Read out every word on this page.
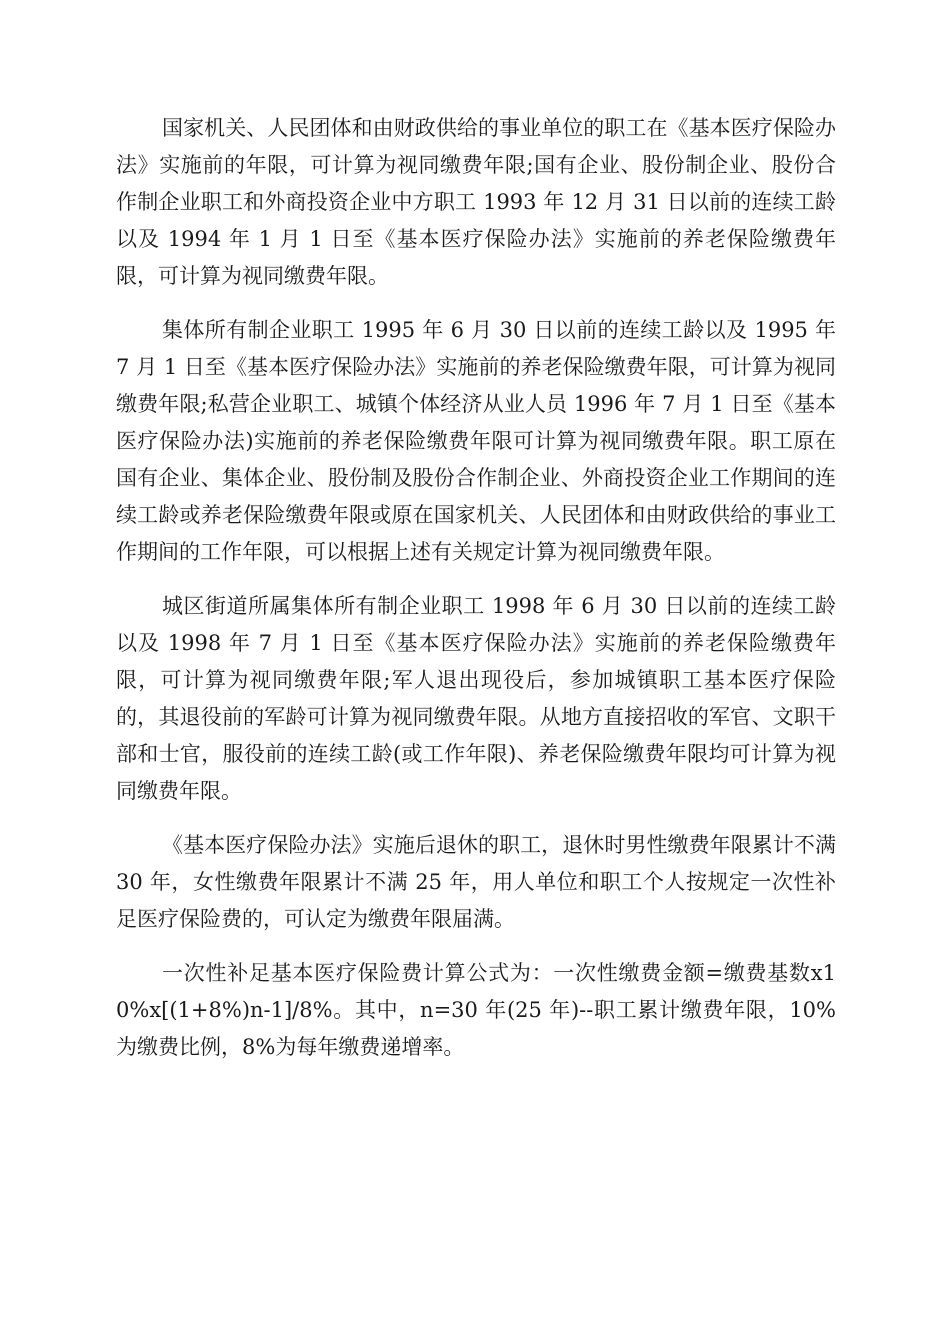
国家机关、人民团体和由财政供给的事业单位的职工在《基本医疗保险办法》实施前的年限，可计算为视同缴费年限;国有企业、股份制企业、股份合作制企业职工和外商投资企业中方职工 1993 年 12 月 31 日以前的连续工龄以及 1994 年 1 月 1 日至《基本医疗保险办法》实施前的养老保险缴费年限，可计算为视同缴费年限。

集体所有制企业职工 1995 年 6 月 30 日以前的连续工龄以及 1995 年 7 月 1 日至《基本医疗保险办法》实施前的养老保险缴费年限，可计算为视同缴费年限;私营企业职工、城镇个体经济从业人员 1996 年 7 月 1 日至《基本医疗保险办法)实施前的养老保险缴费年限可计算为视同缴费年限。职工原在国有企业、集体企业、股份制及股份合作制企业、外商投资企业工作期间的连续工龄或养老保险缴费年限或原在国家机关、人民团体和由财政供给的事业工作期间的工作年限，可以根据上述有关规定计算为视同缴费年限。

城区街道所属集体所有制企业职工 1998 年 6 月 30 日以前的连续工龄以及 1998 年 7 月 1 日至《基本医疗保险办法》实施前的养老保险缴费年限，可计算为视同缴费年限;军人退出现役后，参加城镇职工基本医疗保险的，其退役前的军龄可计算为视同缴费年限。从地方直接招收的军官、文职干部和士官，服役前的连续工龄(或工作年限)、养老保险缴费年限均可计算为视同缴费年限。

《基本医疗保险办法》实施后退休的职工，退休时男性缴费年限累计不满 30 年，女性缴费年限累计不满 25 年，用人单位和职工个人按规定一次性补足医疗保险费的，可认定为缴费年限届满。

一次性补足基本医疗保险费计算公式为：一次性缴费金额=缴费基数x10%x[(1+8%)n-1]/8%。其中，n=30 年(25 年)--职工累计缴费年限，10%为缴费比例，8%为每年缴费递增率。
